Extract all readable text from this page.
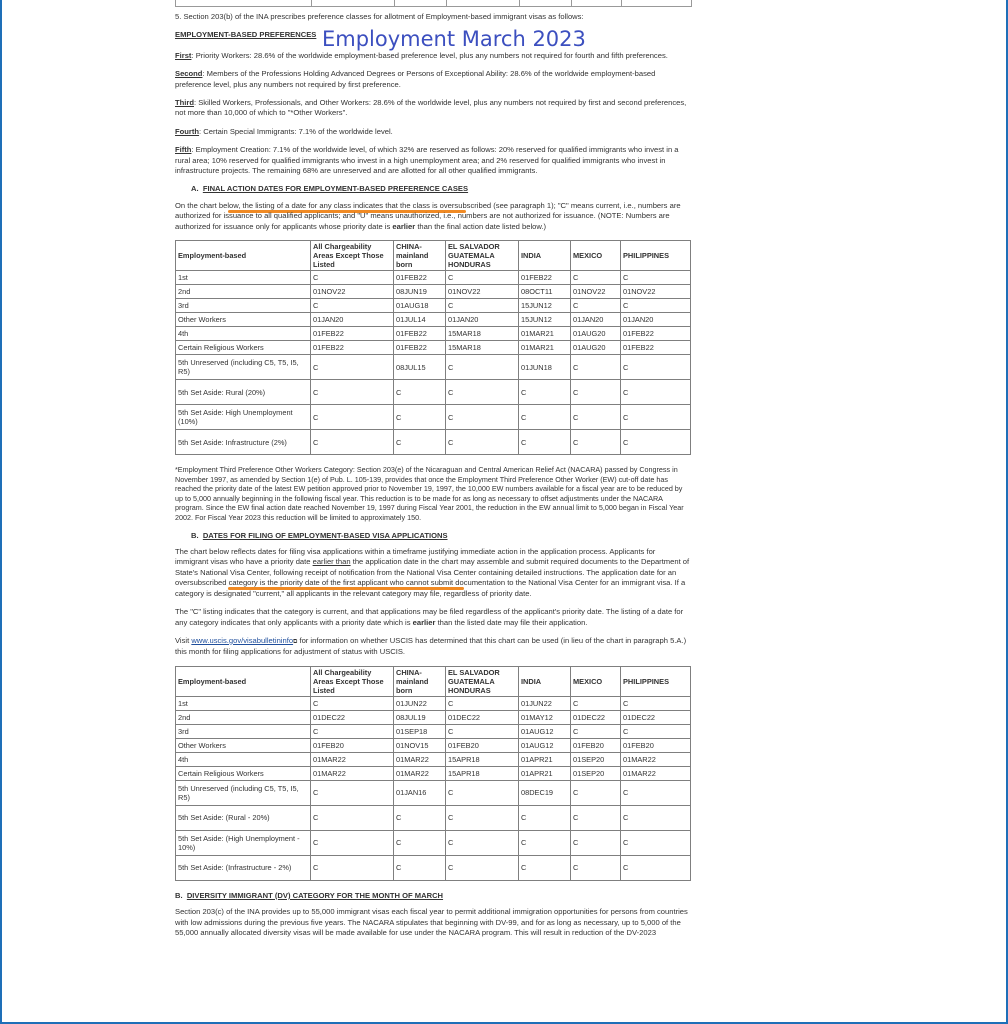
Employment March 2023

5. Section 203(b) of the INA prescribes preference classes for allotment of Employment-based immigrant visas as follows:

EMPLOYMENT-BASED PREFERENCES

First: Priority Workers: 28.6% of the worldwide employment-based preference level, plus any numbers not required for fourth and fifth preferences.

Second: Members of the Professions Holding Advanced Degrees or Persons of Exceptional Ability: 28.6% of the worldwide employment-based preference level, plus any numbers not required by first preference.

Third: Skilled Workers, Professionals, and Other Workers: 28.6% of the worldwide level, plus any numbers not required by first and second preferences, not more than 10,000 of which to "*Other Workers".

Fourth: Certain Special Immigrants: 7.1% of the worldwide level.

Fifth: Employment Creation: 7.1% of the worldwide level, of which 32% are reserved as follows: 20% reserved for qualified immigrants who invest in a rural area; 10% reserved for qualified immigrants who invest in a high unemployment area; and 2% reserved for qualified immigrants who invest in infrastructure projects. The remaining 68% are unreserved and are allotted for all other qualified immigrants.

A. FINAL ACTION DATES FOR EMPLOYMENT-BASED PREFERENCE CASES

On the chart below, the listing of a date for any class indicates that the class is oversubscribed (see paragraph 1); "C" means current, i.e., numbers are authorized for issuance to all qualified applicants; and "U" means unauthorized, i.e., numbers are not authorized for issuance. (NOTE: Numbers are authorized for issuance only for applicants whose priority date is earlier than the final action date listed below.)

Employment-based	All Chargeability Areas Except Those Listed	CHINA-mainland born	EL SALVADOR GUATEMALA HONDURAS	INDIA	MEXICO	PHILIPPINES
1st	C	01FEB22	C	01FEB22	C	C
2nd	01NOV22	08JUN19	01NOV22	08OCT11	01NOV22	01NOV22
3rd	C	01AUG18	C	15JUN12	C	C
Other Workers	01JAN20	01JUL14	01JAN20	15JUN12	01JAN20	01JAN20
4th	01FEB22	01FEB22	15MAR18	01MAR21	01AUG20	01FEB22
Certain Religious Workers	01FEB22	01FEB22	15MAR18	01MAR21	01AUG20	01FEB22
5th Unreserved (including C5, T5, I5, R5)	C	08JUL15	C	01JUN18	C	C
5th Set Aside: Rural (20%)	C	C	C	C	C	C
5th Set Aside: High Unemployment (10%)	C	C	C	C	C	C
5th Set Aside: Infrastructure (2%)	C	C	C	C	C	C

*Employment Third Preference Other Workers Category: Section 203(e) of the Nicaraguan and Central American Relief Act (NACARA) passed by Congress in November 1997, as amended by Section 1(e) of Pub. L. 105-139, provides that once the Employment Third Preference Other Worker (EW) cut-off date has reached the priority date of the latest EW petition approved prior to November 19, 1997, the 10,000 EW numbers available for a fiscal year are to be reduced by up to 5,000 annually beginning in the following fiscal year. This reduction is to be made for as long as necessary to offset adjustments under the NACARA program. Since the EW final action date reached November 19, 1997 during Fiscal Year 2001, the reduction in the EW annual limit to 5,000 began in Fiscal Year 2002. For Fiscal Year 2023 this reduction will be limited to approximately 150.

B. DATES FOR FILING OF EMPLOYMENT-BASED VISA APPLICATIONS

The chart below reflects dates for filing visa applications within a timeframe justifying immediate action in the application process. Applicants for immigrant visas who have a priority date earlier than the application date in the chart may assemble and submit required documents to the Department of State's National Visa Center, following receipt of notification from the National Visa Center containing detailed instructions. The application date for an oversubscribed category is the priority date of the first applicant who cannot submit documentation to the National Visa Center for an immigrant visa. If a category is designated "current," all applicants in the relevant category may file, regardless of priority date.

The "C" listing indicates that the category is current, and that applications may be filed regardless of the applicant's priority date. The listing of a date for any category indicates that only applicants with a priority date which is earlier than the listed date may file their application.

Visit www.uscis.gov/visabulletininfo⧉ for information on whether USCIS has determined that this chart can be used (in lieu of the chart in paragraph 5.A.) this month for filing applications for adjustment of status with USCIS.

Employment-based	All Chargeability Areas Except Those Listed	CHINA-mainland born	EL SALVADOR GUATEMALA HONDURAS	INDIA	MEXICO	PHILIPPINES
1st	C	01JUN22	C	01JUN22	C	C
2nd	01DEC22	08JUL19	01DEC22	01MAY12	01DEC22	01DEC22
3rd	C	01SEP18	C	01AUG12	C	C
Other Workers	01FEB20	01NOV15	01FEB20	01AUG12	01FEB20	01FEB20
4th	01MAR22	01MAR22	15APR18	01APR21	01SEP20	01MAR22
Certain Religious Workers	01MAR22	01MAR22	15APR18	01APR21	01SEP20	01MAR22
5th Unreserved (including C5, T5, I5, R5)	C	01JAN16	C	08DEC19	C	C
5th Set Aside: (Rural - 20%)	C	C	C	C	C	C
5th Set Aside: (High Unemployment - 10%)	C	C	C	C	C	C
5th Set Aside: (Infrastructure - 2%)	C	C	C	C	C	C

B. DIVERSITY IMMIGRANT (DV) CATEGORY FOR THE MONTH OF MARCH

Section 203(c) of the INA provides up to 55,000 immigrant visas each fiscal year to permit additional immigration opportunities for persons from countries with low admissions during the previous five years. The NACARA stipulates that beginning with DV-99, and for as long as necessary, up to 5,000 of the 55,000 annually allocated diversity visas will be made available for use under the NACARA program. This will result in reduction of the DV-2023
